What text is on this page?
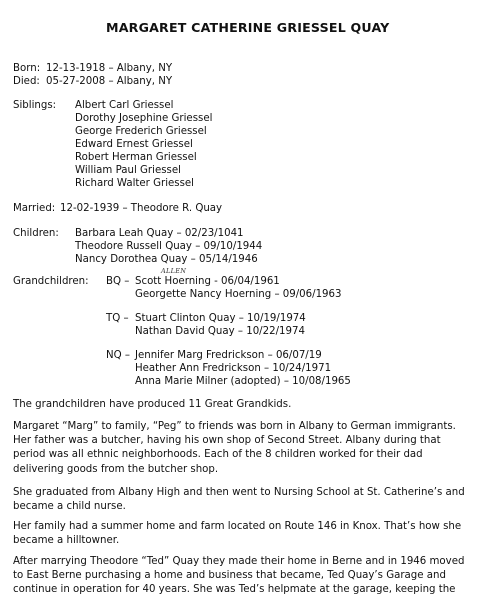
MARGARET CATHERINE GRIESSEL QUAY
Born: 12-13-1918 – Albany, NY
Died: 05-27-2008 – Albany, NY
Siblings: Albert Carl Griessel
Dorothy Josephine Griessel
George Frederich Griessel
Edward Ernest Griessel
Robert Herman Griessel
William Paul Griessel
Richard Walter Griessel
Married: 12-02-1939 – Theodore R. Quay
Children: Barbara Leah Quay – 02/23/1041
Theodore Russell Quay – 09/10/1944
Nancy Dorothea Quay – 05/14/1946
Grandchildren:
ALLEN
BQ – Scott Hoerning - 06/04/1961
Georgette Nancy Hoerning – 09/06/1963
TQ – Stuart Clinton Quay – 10/19/1974
Nathan David Quay – 10/22/1974
NQ – Jennifer Marg Fredrickson – 06/07/19
Heather Ann Fredrickson – 10/24/1971
Anna Marie Milner (adopted) – 10/08/1965
The grandchildren have produced 11 Great Grandkids.
Margaret “Marg” to family, “Peg” to friends was born in Albany to German immigrants. Her father was a butcher, having his own shop of Second Street. Albany during that period was all ethnic neighborhoods. Each of the 8 children worked for their dad delivering goods from the butcher shop.
She graduated from Albany High and then went to Nursing School at St. Catherine’s and became a child nurse.
Her family had a summer home and farm located on Route 146 in Knox. That’s how she became a hilltowner.
After marrying Theodore “Ted” Quay they made their home in Berne and in 1946 moved to East Berne purchasing a home and business that became, Ted Quay’s Garage and continue in operation for 40 years. She was Ted’s helpmate at the garage, keeping the
